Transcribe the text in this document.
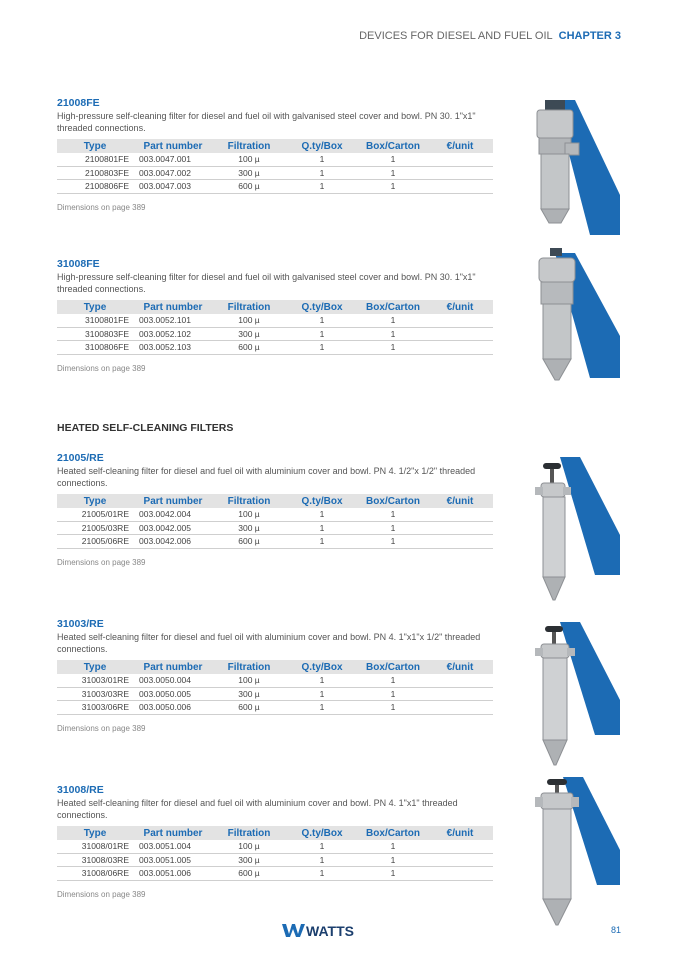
DEVICES FOR DIESEL AND FUEL OIL CHAPTER 3
HEATED SELF-CLEANING FILTERS
21008FE
High-pressure self-cleaning filter for diesel and fuel oil with galvanised steel cover and bowl. PN 30. 1"x1" threaded connections.
Type	Part number	Filtration	Q.ty/Box	Box/Carton	€/unit
2100801FE	003.0047.001	100 µ	1	1	
2100803FE	003.0047.002	300 µ	1	1	
2100806FE	003.0047.003	600 µ	1	1	
Dimensions on page 389
31008FE
High-pressure self-cleaning filter for diesel and fuel oil with galvanised steel cover and bowl. PN 30. 1"x1" threaded connections.
Type	Part number	Filtration	Q.ty/Box	Box/Carton	€/unit
3100801FE	003.0052.101	100 µ	1	1	
3100803FE	003.0052.102	300 µ	1	1	
3100806FE	003.0052.103	600 µ	1	1	
Dimensions on page 389
21005/RE
Heated self-cleaning filter for diesel and fuel oil with aluminium cover and bowl. PN 4. 1/2"x 1/2" threaded connections.
Type	Part number	Filtration	Q.ty/Box	Box/Carton	€/unit
21005/01RE	003.0042.004	100 µ	1	1	
21005/03RE	003.0042.005	300 µ	1	1	
21005/06RE	003.0042.006	600 µ	1	1	
Dimensions on page 389
31003/RE
Heated self-cleaning filter for diesel and fuel oil with aluminium cover and bowl. PN 4. 1"x1"x 1/2" threaded connections.
Type	Part number	Filtration	Q.ty/Box	Box/Carton	€/unit
31003/01RE	003.0050.004	100 µ	1	1	
31003/03RE	003.0050.005	300 µ	1	1	
31003/06RE	003.0050.006	600 µ	1	1	
Dimensions on page 389
31008/RE
Heated self-cleaning filter for diesel and fuel oil with aluminium cover and bowl. PN 4. 1"x1" threaded connections.
Type	Part number	Filtration	Q.ty/Box	Box/Carton	€/unit
31008/01RE	003.0051.004	100 µ	1	1	
31008/03RE	003.0051.005	300 µ	1	1	
31008/06RE	003.0051.006	600 µ	1	1	
Dimensions on page 389
WATTS	81
